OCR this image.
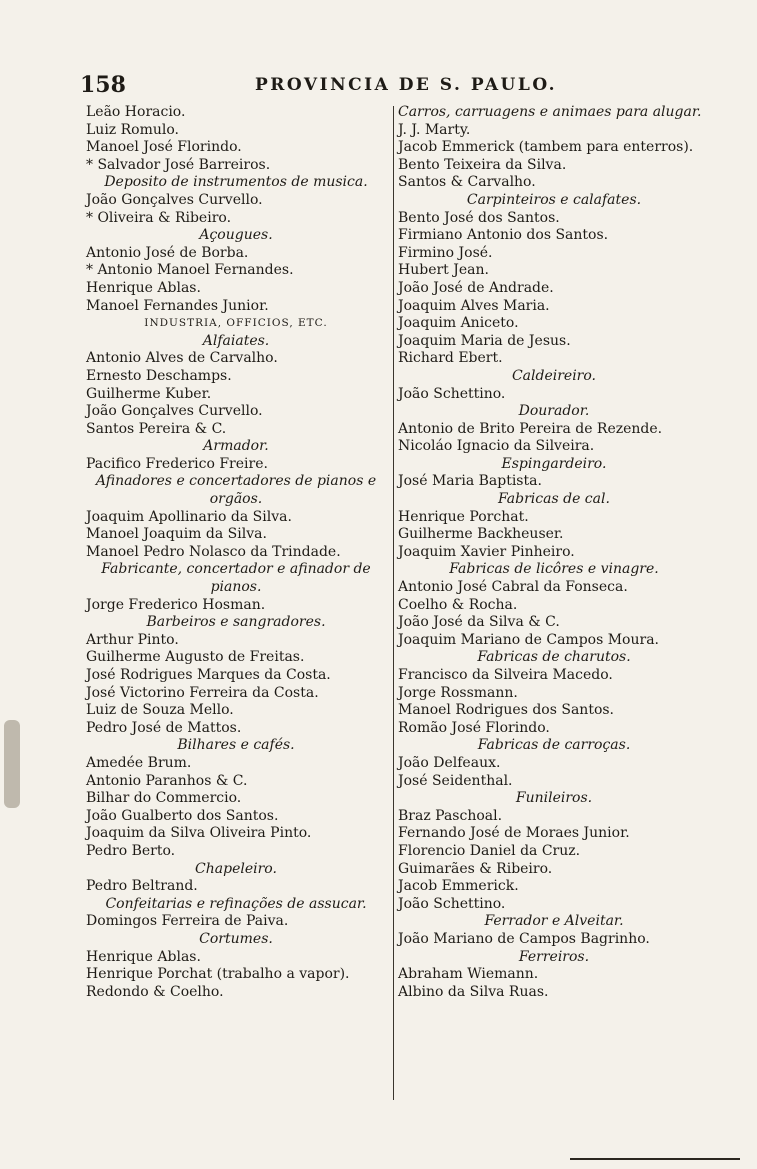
158	PROVINCIA DE S. PAULO.
Leão Horacio.
Luiz Romulo.
Manoel José Florindo.
* Salvador José Barreiros.
Deposito de instrumentos de musica.
João Gonçalves Curvello.
* Oliveira & Ribeiro.
Açougues.
Antonio José de Borba.
* Antonio Manoel Fernandes.
Henrique Ablas.
Manoel Fernandes Junior.
INDUSTRIA, OFFICIOS, ETC.
Alfaiates.
Antonio Alves de Carvalho.
Ernesto Deschamps.
Guilherme Kuber.
João Gonçalves Curvello.
Santos Pereira & C.
Armador.
Pacifico Frederico Freire.
Afinadores e concertadores de pianos e
orgãos.
Joaquim Apollinario da Silva.
Manoel Joaquim da Silva.
Manoel Pedro Nolasco da Trindade.
Fabricante, concertador e afinador de
pianos.
Jorge Frederico Hosman.
Barbeiros e sangradores.
Arthur Pinto.
Guilherme Augusto de Freitas.
José Rodrigues Marques da Costa.
José Victorino Ferreira da Costa.
Luiz de Souza Mello.
Pedro José de Mattos.
Bilhares e cafés.
Amedée Brum.
Antonio Paranhos & C.
Bilhar do Commercio.
João Gualberto dos Santos.
Joaquim da Silva Oliveira Pinto.
Pedro Berto.
Chapeleiro.
Pedro Beltrand.
Confeitarias e refinações de assucar.
Domingos Ferreira de Paiva.
Cortumes.
Henrique Ablas.
Henrique Porchat (trabalho a vapor).
Redondo & Coelho.
Carros, carruagens e animaes para alugar.
J. J. Marty.
Jacob Emmerick (tambem para enterros).
Bento Teixeira da Silva.
Santos & Carvalho.
Carpinteiros e calafates.
Bento José dos Santos.
Firmiano Antonio dos Santos.
Firmino José.
Hubert Jean.
João José de Andrade.
Joaquim Alves Maria.
Joaquim Aniceto.
Joaquim Maria de Jesus.
Richard Ebert.
Caldeireiro.
João Schettino.
Dourador.
Antonio de Brito Pereira de Rezende.
Nicoláo Ignacio da Silveira.
Espingardeiro.
José Maria Baptista.
Fabricas de cal.
Henrique Porchat.
Guilherme Backheuser.
Joaquim Xavier Pinheiro.
Fabricas de licôres e vinagre.
Antonio José Cabral da Fonseca.
Coelho & Rocha.
João José da Silva & C.
Joaquim Mariano de Campos Moura.
Fabricas de charutos.
Francisco da Silveira Macedo.
Jorge Rossmann.
Manoel Rodrigues dos Santos.
Romão José Florindo.
Fabricas de carroças.
João Delfeaux.
José Seidenthal.
Funileiros.
Braz Paschoal.
Fernando José de Moraes Junior.
Florencio Daniel da Cruz.
Guimarães & Ribeiro.
Jacob Emmerick.
João Schettino.
Ferrador e Alveitar.
João Mariano de Campos Bagrinho.
Ferreiros.
Abraham Wiemann.
Albino da Silva Ruas.
